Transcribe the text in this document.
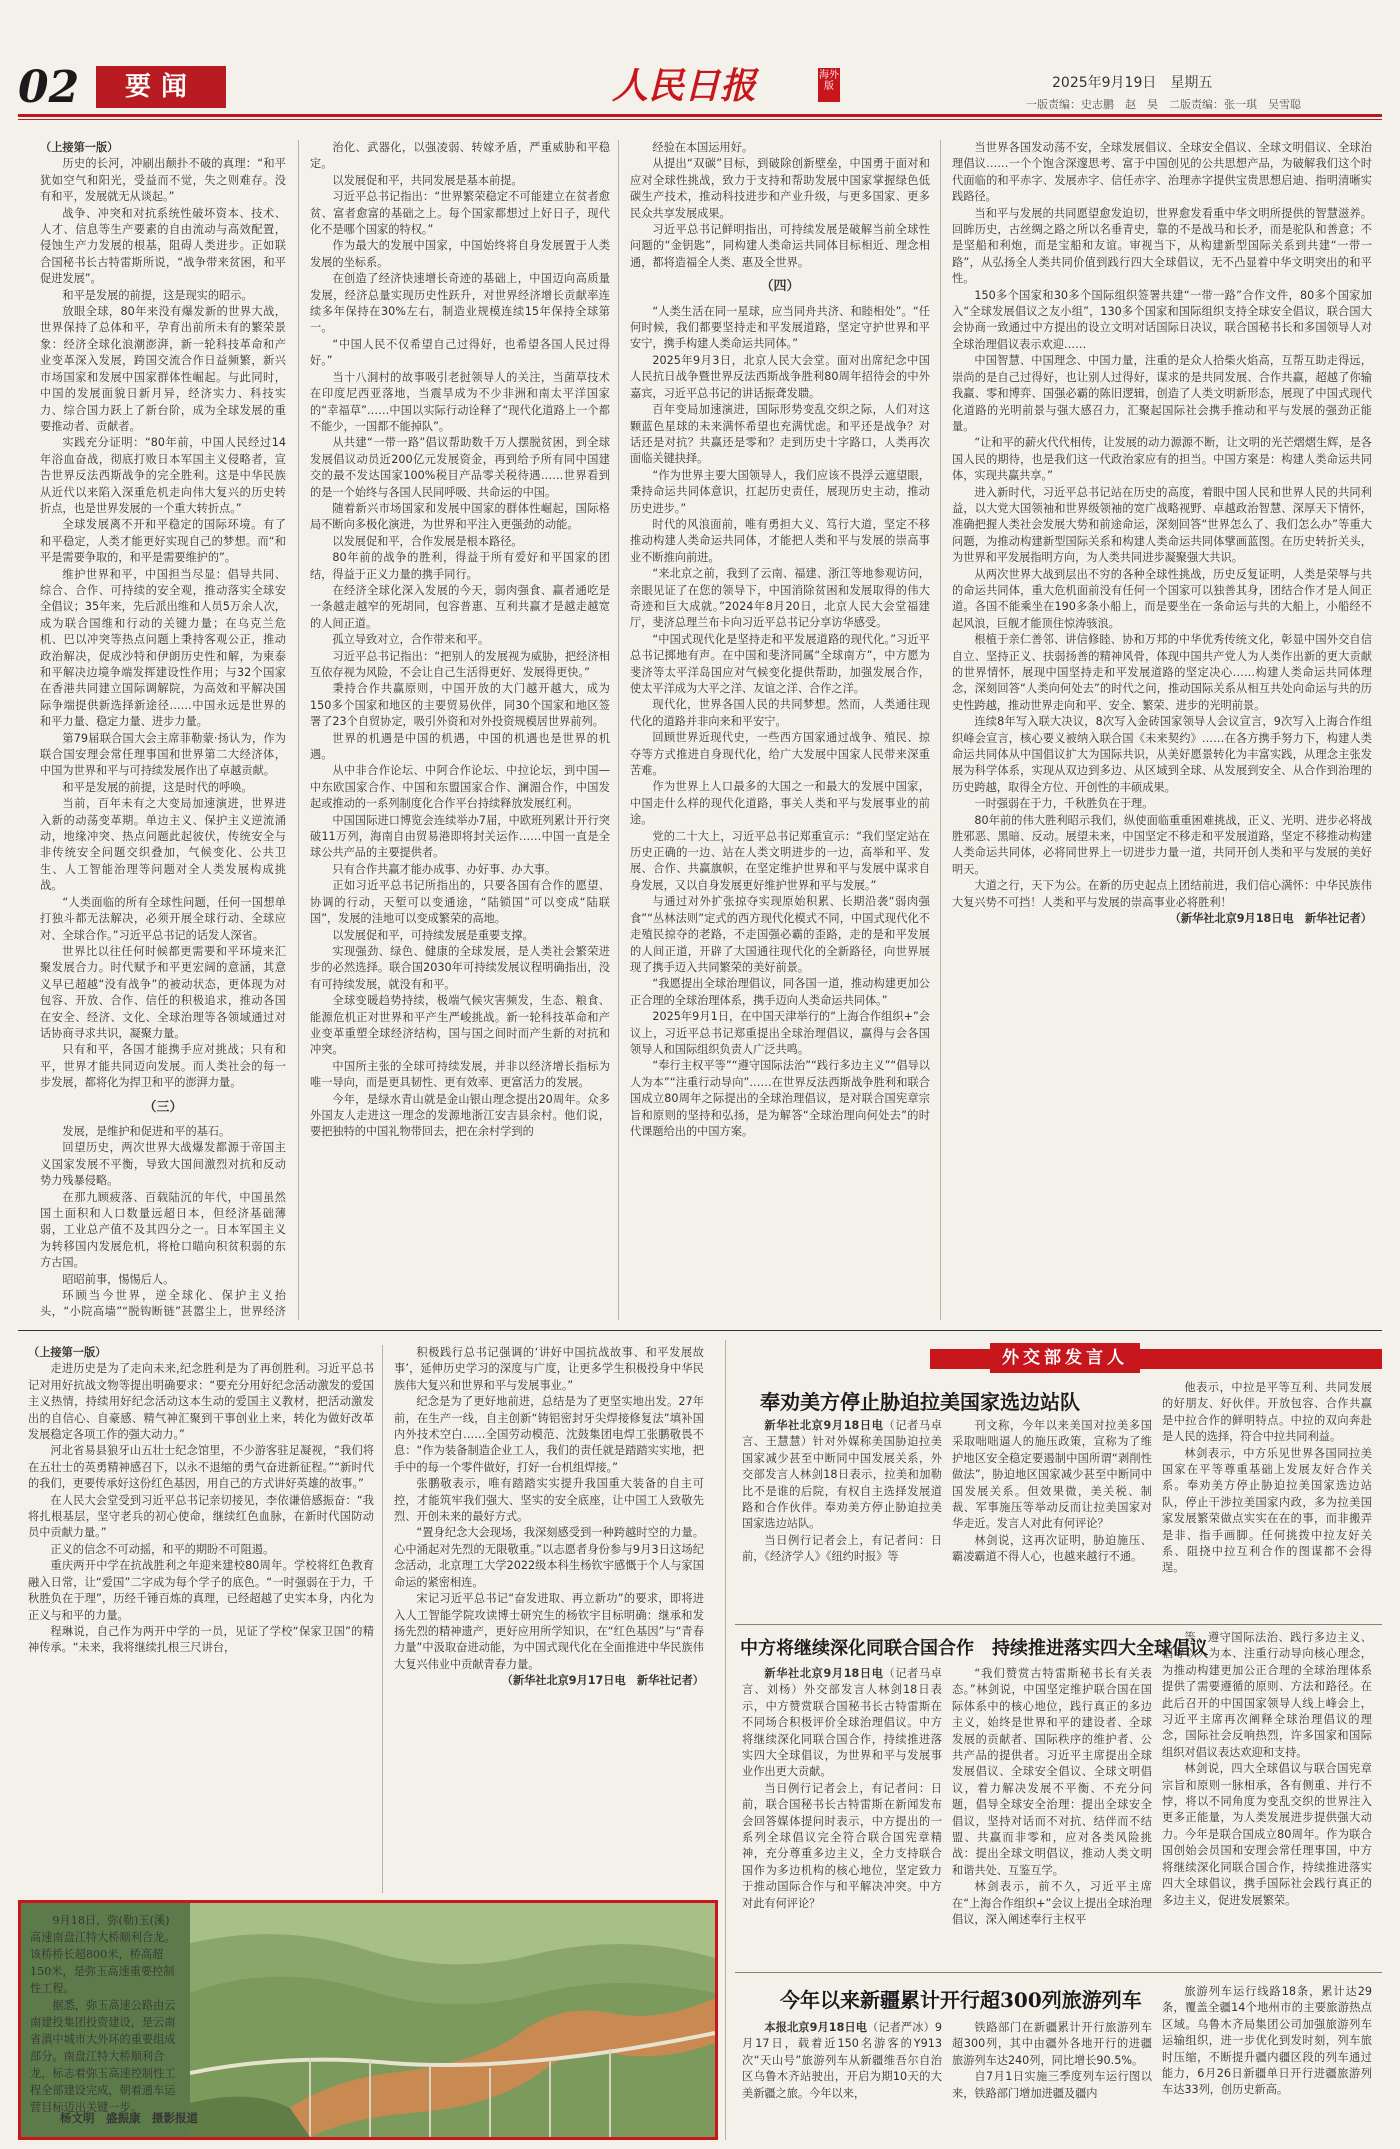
02	要闻	人民日报	海外版	2025年9月19日　星期五
一版责编：史志鹏　赵　昊　二版责编：张一琪　吴雪聪

（上接第一版）

历史的长河，冲刷出颠扑不破的真理：“和平犹如空气和阳光，受益而不觉，失之则难存。没有和平，发展就无从谈起。”

战争、冲突和对抗系统性破坏资本、技术、人才、信息等生产要素的自由流动与高效配置，侵蚀生产力发展的根基，阻碍人类进步。正如联合国秘书长古特雷斯所说，“战争带来贫困，和平促进发展”。

和平是发展的前提，这是现实的昭示。

放眼全球，80年来没有爆发新的世界大战，世界保持了总体和平，孕育出前所未有的繁荣景象：经济全球化浪潮澎湃，新一轮科技革命和产业变革深入发展，跨国交流合作日益频繁，新兴市场国家和发展中国家群体性崛起。与此同时，中国的发展面貌日新月异，经济实力、科技实力、综合国力跃上了新台阶，成为全球发展的重要推动者、贡献者。

实践充分证明：“80年前，中国人民经过14年浴血奋战，彻底打败日本军国主义侵略者，宣告世界反法西斯战争的完全胜利。这是中华民族从近代以来陷入深重危机走向伟大复兴的历史转折点，也是世界发展的一个重大转折点。”

全球发展离不开和平稳定的国际环境。有了和平稳定，人类才能更好实现自己的梦想。而“和平是需要争取的，和平是需要维护的”。

维护世界和平，中国担当尽显：倡导共同、综合、合作、可持续的安全观，推动落实全球安全倡议；35年来，先后派出维和人员5万余人次，成为联合国维和行动的关键力量；在乌克兰危机、巴以冲突等热点问题上秉持客观公正，推动政治解决，促成沙特和伊朗历史性和解，为柬泰和平解决边境争端发挥建设性作用；与32个国家在香港共同建立国际调解院，为高效和平解决国际争端提供新选择新途径……中国永远是世界的和平力量、稳定力量、进步力量。

第79届联合国大会主席菲勒蒙·扬认为，作为联合国安理会常任理事国和世界第二大经济体，中国为世界和平与可持续发展作出了卓越贡献。

和平是发展的前提，这是时代的呼唤。

当前，百年未有之大变局加速演进，世界进入新的动荡变革期。单边主义、保护主义逆流涌动，地缘冲突、热点问题此起彼伏，传统安全与非传统安全问题交织叠加，气候变化、公共卫生、人工智能治理等问题对全人类发展构成挑战。

“人类面临的所有全球性问题，任何一国想单打独斗都无法解决，必须开展全球行动、全球应对、全球合作。”习近平总书记的话发人深省。

世界比以往任何时候都更需要和平环境来汇聚发展合力。时代赋予和平更宏阔的意涵，其意义早已超越“没有战争”的被动状态，更体现为对包容、开放、合作、信任的积极追求，推动各国在安全、经济、文化、全球治理等各领域通过对话协商寻求共识，凝聚力量。

只有和平，各国才能携手应对挑战；只有和平，世界才能共同迈向发展。而人类社会的每一步发展，都将化为捍卫和平的澎湃力量。

（三）

发展，是维护和促进和平的基石。

回望历史，两次世界大战爆发都源于帝国主义国家发展不平衡，导致大国间激烈对抗和反动势力残暴侵略。

在那九顾疲落、百载陆沉的年代，中国虽然国土面积和人口数量远超日本，但经济基础薄弱，工业总产值不及其四分之一。日本军国主义为转移国内发展危机，将枪口瞄向积贫积弱的东方古国。

昭昭前事，惕惕后人。

环顾当今世界，逆全球化、保护主义抬头，“小院高墙”“脱钩断链”甚嚣尘上，世界经济

治化、武器化，以强凌弱、转嫁矛盾，严重威胁和平稳定。

以发展促和平，共同发展是基本前提。

习近平总书记指出：“世界繁荣稳定不可能建立在贫者愈贫、富者愈富的基础之上。每个国家都想过上好日子，现代化不是哪个国家的特权。”

作为最大的发展中国家，中国始终将自身发展置于人类发展的坐标系。

在创造了经济快速增长奇迹的基础上，中国迈向高质量发展，经济总量实现历史性跃升，对世界经济增长贡献率连续多年保持在30%左右，制造业规模连续15年保持全球第一。

“中国人民不仅希望自己过得好，也希望各国人民过得好。”

当十八洞村的故事吸引老挝领导人的关注，当菌草技术在印度尼西亚落地，当震旱成为不少非洲和南太平洋国家的“幸福草”……中国以实际行动诠释了“现代化道路上一个都不能少，一国都不能掉队”。

从共建“一带一路”倡议帮助数千万人摆脱贫困，到全球发展倡议动员近200亿元发展资金，再到给予所有同中国建交的最不发达国家100%税目产品零关税待遇……世界看到的是一个始终与各国人民同呼吸、共命运的中国。

随着新兴市场国家和发展中国家的群体性崛起，国际格局不断向多极化演进，为世界和平注入更强劲的动能。

以发展促和平，合作发展是根本路径。

80年前的战争的胜利，得益于所有爱好和平国家的团结，得益于正义力量的携手同行。

在经济全球化深入发展的今天，弱肉强食、赢者通吃是一条越走越窄的死胡同，包容普惠、互利共赢才是越走越宽的人间正道。

孤立导致对立，合作带来和平。

习近平总书记指出：“把别人的发展视为威胁，把经济相互依存视为风险，不会让自己生活得更好、发展得更快。”

秉持合作共赢原则，中国开放的大门越开越大，成为150多个国家和地区的主要贸易伙伴，同30个国家和地区签署了23个自贸协定，吸引外资和对外投资规模居世界前列。

世界的机遇是中国的机遇，中国的机遇也是世界的机遇。

从中非合作论坛、中阿合作论坛、中拉论坛，到中国—中东欧国家合作、中国和东盟国家合作、澜湄合作，中国发起或推动的一系列制度化合作平台持续释放发展红利。

中国国际进口博览会连续举办7届，中欧班列累计开行突破11万列，海南自由贸易港即将封关运作……中国一直是全球公共产品的主要提供者。

只有合作共赢才能办成事、办好事、办大事。

正如习近平总书记所指出的，只要各国有合作的愿望、协调的行动，天堑可以变通途，“陆锁国”可以变成“陆联国”，发展的洼地可以变成繁荣的高地。

以发展促和平，可持续发展是重要支撑。

实现强劲、绿色、健康的全球发展，是人类社会繁荣进步的必然选择。联合国2030年可持续发展议程明确指出，没有可持续发展，就没有和平。

全球变暖趋势持续，极端气候灾害频发，生态、粮食、能源危机正对世界和平产生严峻挑战。新一轮科技革命和产业变革重塑全球经济结构，国与国之间时而产生新的对抗和冲突。

中国所主张的全球可持续发展，并非以经济增长指标为唯一导向，而是更具韧性、更有效率、更富活力的发展。

今年，是绿水青山就是金山银山理念提出20周年。众多外国友人走进这一理念的发源地浙江安吉县余村。他们说，要把独特的中国礼物带回去，把在余村学到的

经验在本国运用好。

从提出“双碳”目标，到破除创新壁垒，中国勇于面对和应对全球性挑战，致力于支持和帮助发展中国家掌握绿色低碳生产技术，推动科技进步和产业升级，与更多国家、更多民众共享发展成果。

习近平总书记鲜明指出，可持续发展是破解当前全球性问题的“金钥匙”，同构建人类命运共同体目标相近、理念相通，都将造福全人类、惠及全世界。

（四）

“人类生活在同一星球，应当同舟共济、和睦相处”。“任何时候，我们都要坚持走和平发展道路，坚定守护世界和平安宁，携手构建人类命运共同体。”

2025年9月3日，北京人民大会堂。面对出席纪念中国人民抗日战争暨世界反法西斯战争胜利80周年招待会的中外嘉宾，习近平总书记的讲话振聋发聩。

百年变局加速演进，国际形势变乱交织之际，人们对这颗蓝色星球的未来满怀希望也充满忧虑。和平还是战争？对话还是对抗？共赢还是零和？走到历史十字路口，人类再次面临关键抉择。

“作为世界主要大国领导人，我们应该不畏浮云遮望眼，秉持命运共同体意识，扛起历史责任，展现历史主动，推动历史进步。”

时代的风浪面前，唯有勇担大义、笃行大道，坚定不移推动构建人类命运共同体，才能把人类和平与发展的崇高事业不断推向前进。

“来北京之前，我到了云南、福建、浙江等地参观访问，亲眼见证了在您的领导下，中国消除贫困和发展取得的伟大奇迹和巨大成就。”2024年8月20日，北京人民大会堂福建厅，斐济总理兰布卡向习近平总书记分享访华感受。

“中国式现代化是坚持走和平发展道路的现代化。”习近平总书记掷地有声。在中国和斐济同属“全球南方”，中方愿为斐济等太平洋岛国应对气候变化提供帮助，加强发展合作，使太平洋成为大平之洋、友谊之洋、合作之洋。

现代化，世界各国人民的共同梦想。然而，人类通往现代化的道路并非向来和平安宁。

回顾世界近现代史，一些西方国家通过战争、殖民、掠夺等方式推进自身现代化，给广大发展中国家人民带来深重苦难。

作为世界上人口最多的大国之一和最大的发展中国家，中国走什么样的现代化道路，事关人类和平与发展事业的前途。

党的二十大上，习近平总书记郑重宣示：“我们坚定站在历史正确的一边、站在人类文明进步的一边，高举和平、发展、合作、共赢旗帜，在坚定维护世界和平与发展中谋求自身发展，又以自身发展更好维护世界和平与发展。”

与通过对外扩张掠夺实现原始积累、长期沿袭“弱肉强食”“丛林法则”定式的西方现代化模式不同，中国式现代化不走殖民掠夺的老路，不走国强必霸的歪路，走的是和平发展的人间正道，开辟了大国通往现代化的全新路径，向世界展现了携手迈入共同繁荣的美好前景。

“我愿提出全球治理倡议，同各国一道，推动构建更加公正合理的全球治理体系，携手迈向人类命运共同体。”

2025年9月1日，在中国天津举行的“上海合作组织+”会议上，习近平总书记郑重提出全球治理倡议，赢得与会各国领导人和国际组织负责人广泛共鸣。

“奉行主权平等”“遵守国际法治”“践行多边主义”“倡导以人为本”“注重行动导向”……在世界反法西斯战争胜利和联合国成立80周年之际提出的全球治理倡议，是对联合国宪章宗旨和原则的坚持和弘扬，是为解答“全球治理向何处去”的时代课题给出的中国方案。

当世界各国发动荡不安，全球发展倡议、全球安全倡议、全球文明倡议、全球治理倡议……一个个饱含深邃思考、富于中国创见的公共思想产品，为破解我们这个时代面临的和平赤字、发展赤字、信任赤字、治理赤字提供宝贵思想启迪、指明清晰实践路径。

当和平与发展的共同愿望愈发迫切，世界愈发看重中华文明所提供的智慧滋养。回眸历史，古丝绸之路之所以名垂青史，靠的不是战马和长矛，而是驼队和善意；不是坚船和利炮，而是宝船和友谊。审视当下，从构建新型国际关系到共建“一带一路”，从弘扬全人类共同价值到践行四大全球倡议，无不凸显着中华文明突出的和平性。

150多个国家和30多个国际组织签署共建“一带一路”合作文件，80多个国家加入“全球发展倡议之友小组”，130多个国家和国际组织支持全球安全倡议，联合国大会协商一致通过中方提出的设立文明对话国际日决议，联合国秘书长和多国领导人对全球治理倡议表示欢迎……

中国智慧、中国理念、中国力量，注重的是众人拾柴火焰高，互帮互助走得远，崇尚的是自己过得好，也让别人过得好，谋求的是共同发展、合作共赢，超越了你输我赢、零和博弈、国强必霸的陈旧逻辑，创造了人类文明新形态，展现了中国式现代化道路的光明前景与强大感召力，汇聚起国际社会携手推动和平与发展的强劲正能量。

“让和平的薪火代代相传，让发展的动力源源不断，让文明的光芒熠熠生辉，是各国人民的期待，也是我们这一代政治家应有的担当。中国方案是：构建人类命运共同体，实现共赢共享。”

进入新时代，习近平总书记站在历史的高度，着眼中国人民和世界人民的共同利益，以大党大国领袖和世界级领袖的宽广战略视野、卓越政治智慧、深厚天下情怀，准确把握人类社会发展大势和前途命运，深刻回答“世界怎么了、我们怎么办”等重大问题，为推动构建新型国际关系和构建人类命运共同体擘画蓝图。在历史转折关头，为世界和平发展指明方向，为人类共同进步凝聚强大共识。

从两次世界大战到层出不穷的各种全球性挑战，历史反复证明，人类是荣辱与共的命运共同体，重大危机面前没有任何一个国家可以独善其身，团结合作才是人间正道。各国不能乘坐在190多条小船上，而是要坐在一条命运与共的大船上，小船经不起风浪，巨舰才能顶住惊涛骇浪。

根植于亲仁善邻、讲信修睦、协和万邦的中华优秀传统文化，彰显中国外交自信自立、坚持正义、扶弱扬善的精神风骨，体现中国共产党人为人类作出新的更大贡献的世界情怀，展现中国坚持走和平发展道路的坚定决心……构建人类命运共同体理念，深刻回答“人类向何处去”的时代之问，推动国际关系从相互共处向命运与共的历史性跨越，推动世界走向和平、安全、繁荣、进步的光明前景。

连续8年写入联大决议，8次写入金砖国家领导人会议宣言，9次写入上海合作组织峰会宣言，核心要义被纳入联合国《未来契约》……在各方携手努力下，构建人类命运共同体从中国倡议扩大为国际共识，从美好愿景转化为丰富实践，从理念主张发展为科学体系，实现从双边到多边、从区域到全球、从发展到安全、从合作到治理的历史跨越，取得全方位、开创性的丰硕成果。

一时强弱在于力，千秋胜负在于理。

80年前的伟大胜利昭示我们，纵使面临重重困难挑战，正义、光明、进步必将战胜邪恶、黑暗、反动。展望未来，中国坚定不移走和平发展道路，坚定不移推动构建人类命运共同体，必将同世界上一切进步力量一道，共同开创人类和平与发展的美好明天。

大道之行，天下为公。在新的历史起点上团结前进，我们信心满怀：中华民族伟大复兴势不可挡！人类和平与发展的崇高事业必将胜利！

（新华社北京9月18日电　新华社记者）

（上接第一版）

走进历史是为了走向未来,纪念胜利是为了再创胜利。习近平总书记对用好抗战文物等提出明确要求：“要充分用好纪念活动激发的爱国主义热情，持续用好纪念活动这本生动的爱国主义教材，把活动激发出的自信心、自豪感、精气神汇聚到干事创业上来，转化为做好改革发展稳定各项工作的强大动力。”

河北省易县狼牙山五壮士纪念馆里，不少游客驻足凝视，“我们将在五壮士的英勇精神感召下，以永不退缩的勇气奋进新征程。”“新时代的我们，更要传承好这份红色基因，用自己的方式讲好英雄的故事。”

在人民大会堂受到习近平总书记亲切接见，李依谦倍感振奋：“我将扎根基层，坚守老兵的初心使命，继续红色血脉，在新时代国防动员中贡献力量。”

正义的信念不可动摇，和平的期盼不可阻遏。

重庆两开中学在抗战胜利之年迎来建校80周年。学校将红色教育融入日常，让“爱国”二字成为每个学子的底色。“一时强弱在于力，千秋胜负在于理”，历经千锤百炼的真理，已经超越了史实本身，内化为正义与和平的力量。

程琳说，自己作为两开中学的一员，见证了学校“保家卫国”的精神传承。“未来，我将继续扎根三尺讲台，

积极践行总书记强调的‘讲好中国抗战故事、和平发展故事’，延伸历史学习的深度与广度，让更多学生积极投身中华民族伟大复兴和世界和平与发展事业。”

纪念是为了更好地前进，总结是为了更坚实地出发。27年前，在生产一线，自主创新“铸铝密封牙尖焊接修复法”填补国内外技术空白……全国劳动模范、沈鼓集团电焊工张鹏敬畏不息：“作为装备制造企业工人，我们的责任就是踏踏实实地，把手中的每一个零件做好，打好一台机组焊接。”

张鹏敬表示，唯有踏踏实实提升我国重大装备的自主可控，才能筑牢我们强大、坚实的安全底座，让中国工人致敬先烈、开创未来的最好方式。

“置身纪念大会现场，我深刻感受到一种跨越时空的力量。心中涌起对先烈的无限敬重。”以志愿者身份参与9月3日这场纪念活动，北京理工大学2022级本科生杨钦宇感慨于个人与家国命运的紧密相连。

宋记习近平总书记“奋发进取、再立新功”的要求，即将进入人工智能学院攻读博士研究生的杨钦宇目标明确：继承和发扬先烈的精神遗产，更好应用所学知识，在“红色基因”与“青春力量”中汲取奋进动能，为中国式现代化在全面推进中华民族伟大复兴伟业中贡献青春力量。

（新华社北京9月17日电　新华社记者）

9月18日，弥(勒)玉(溪)高速南盘江特大桥顺利合龙。该桥桥长超800米，桥高超150米，是弥玉高速重要控制性工程。

据悉，弥玉高速公路由云南建投集团投资建设，是云南省滇中城市大外环的重要组成部分。南盘江特大桥顺利合龙，标志着弥玉高速控制性工程全部建设完成，朝着通车运营目标迈出关键一步。

杨文明　盛振康　摄影报道
外交部发言人
奉劝美方停止胁迫拉美国家选边站队

新华社北京9月18日电（记者马卓言、王慧慧）针对外媒称美国胁迫拉美国家减少甚至中断同中国发展关系，外交部发言人林剑18日表示，拉美和加勒比不是谁的后院，有权自主选择发展道路和合作伙伴。奉劝美方停止胁迫拉美国家选边站队。

当日例行记者会上，有记者问：日前，《经济学人》《纽约时报》等

刊文称，今年以来美国对拉美多国采取咄咄逼人的施压政策，宣称为了维护地区安全稳定要遏制中国所谓“剥削性做法”，胁迫地区国家减少甚至中断同中国发展关系。但效果微，美关税、制裁、军事施压等举动反而让拉美国家对华走近。发言人对此有何评论？

林剑说，这再次证明，胁迫施压、霸凌霸道不得人心，也越来越行不通。

他表示，中拉是平等互利、共同发展的好朋友、好伙伴。开放包容、合作共赢是中拉合作的鲜明特点。中拉的双向奔赴是人民的选择，符合中拉共同利益。

林剑表示，中方乐见世界各国同拉美国家在平等尊重基础上发展友好合作关系。奉劝美方停止胁迫拉美国家选边站队，停止干涉拉美国家内政，多为拉美国家发展繁荣做点实实在在的事，而非搬弄是非、指手画脚。任何挑拨中拉友好关系、阻挠中拉互利合作的图谋都不会得逞。

中方将继续深化同联合国合作　持续推进落实四大全球倡议

新华社北京9月18日电（记者马卓言、刘杨）外交部发言人林剑18日表示，中方赞赏联合国秘书长古特雷斯在不同场合积极评价全球治理倡议。中方将继续深化同联合国合作，持续推进落实四大全球倡议，为世界和平与发展事业作出更大贡献。

当日例行记者会上，有记者问：日前，联合国秘书长古特雷斯在新闻发布会回答媒体提问时表示，中方提出的一系列全球倡议完全符合联合国宪章精神，充分尊重多边主义，全力支持联合国作为多边机构的核心地位，坚定致力于推动国际合作与和平解决冲突。中方对此有何评论？

“我们赞赏古特雷斯秘书长有关表态。”林剑说，中国坚定维护联合国在国际体系中的核心地位，践行真正的多边主义，始终是世界和平的建设者、全球发展的贡献者、国际秩序的维护者、公共产品的提供者。习近平主席提出全球发展倡议、全球安全倡议、全球文明倡议，着力解决发展不平衡、不充分问题，倡导全球安全治理：提出全球安全倡议，坚持对话而不对抗、结伴而不结盟、共赢而非零和，应对各类风险挑战：提出全球文明倡议，推动人类文明和谐共处、互鉴互学。

林剑表示，前不久，习近平主席在“上海合作组织+”会议上提出全球治理倡议，深入阐述奉行主权平

等、遵守国际法治、践行多边主义、倡导以人为本、注重行动导向核心理念，为推动构建更加公正合理的全球治理体系提供了需要遵循的原则、方法和路径。在此后召开的中国国家领导人线上峰会上，习近平主席再次阐释全球治理倡议的理念，国际社会反响热烈，许多国家和国际组织对倡议表达欢迎和支持。

林剑说，四大全球倡议与联合国宪章宗旨和原则一脉相承，各有侧重、并行不悖，将以不同角度为变乱交织的世界注入更多正能量，为人类发展进步提供强大动力。今年是联合国成立80周年。作为联合国创始会员国和安理会常任理事国，中方将继续深化同联合国合作，持续推进落实四大全球倡议，携手国际社会践行真正的多边主义，促进发展繁荣。

今年以来新疆累计开行超300列旅游列车

本报北京9月18日电（记者严冰）9月17日，载着近150名游客的Y913次“天山号”旅游列车从新疆维吾尔自治区乌鲁木齐站驶出，开启为期10天的大美新疆之旅。今年以来，

铁路部门在新疆累计开行旅游列车超300列，其中由疆外各地开行的进疆旅游列车达240列，同比增长90.5%。

自7月1日实施三季度列车运行图以来，铁路部门增加进疆及疆内

旅游列车运行线路18条，累计达29条，覆盖全疆14个地州市的主要旅游热点区域。乌鲁木齐局集团公司加强旅游列车运输组织，进一步优化到发时刻，列车旅时压缩，不断提升疆内疆区段的列车通过能力，6月26日新疆单日开行进疆旅游列车达33列，创历史新高。
